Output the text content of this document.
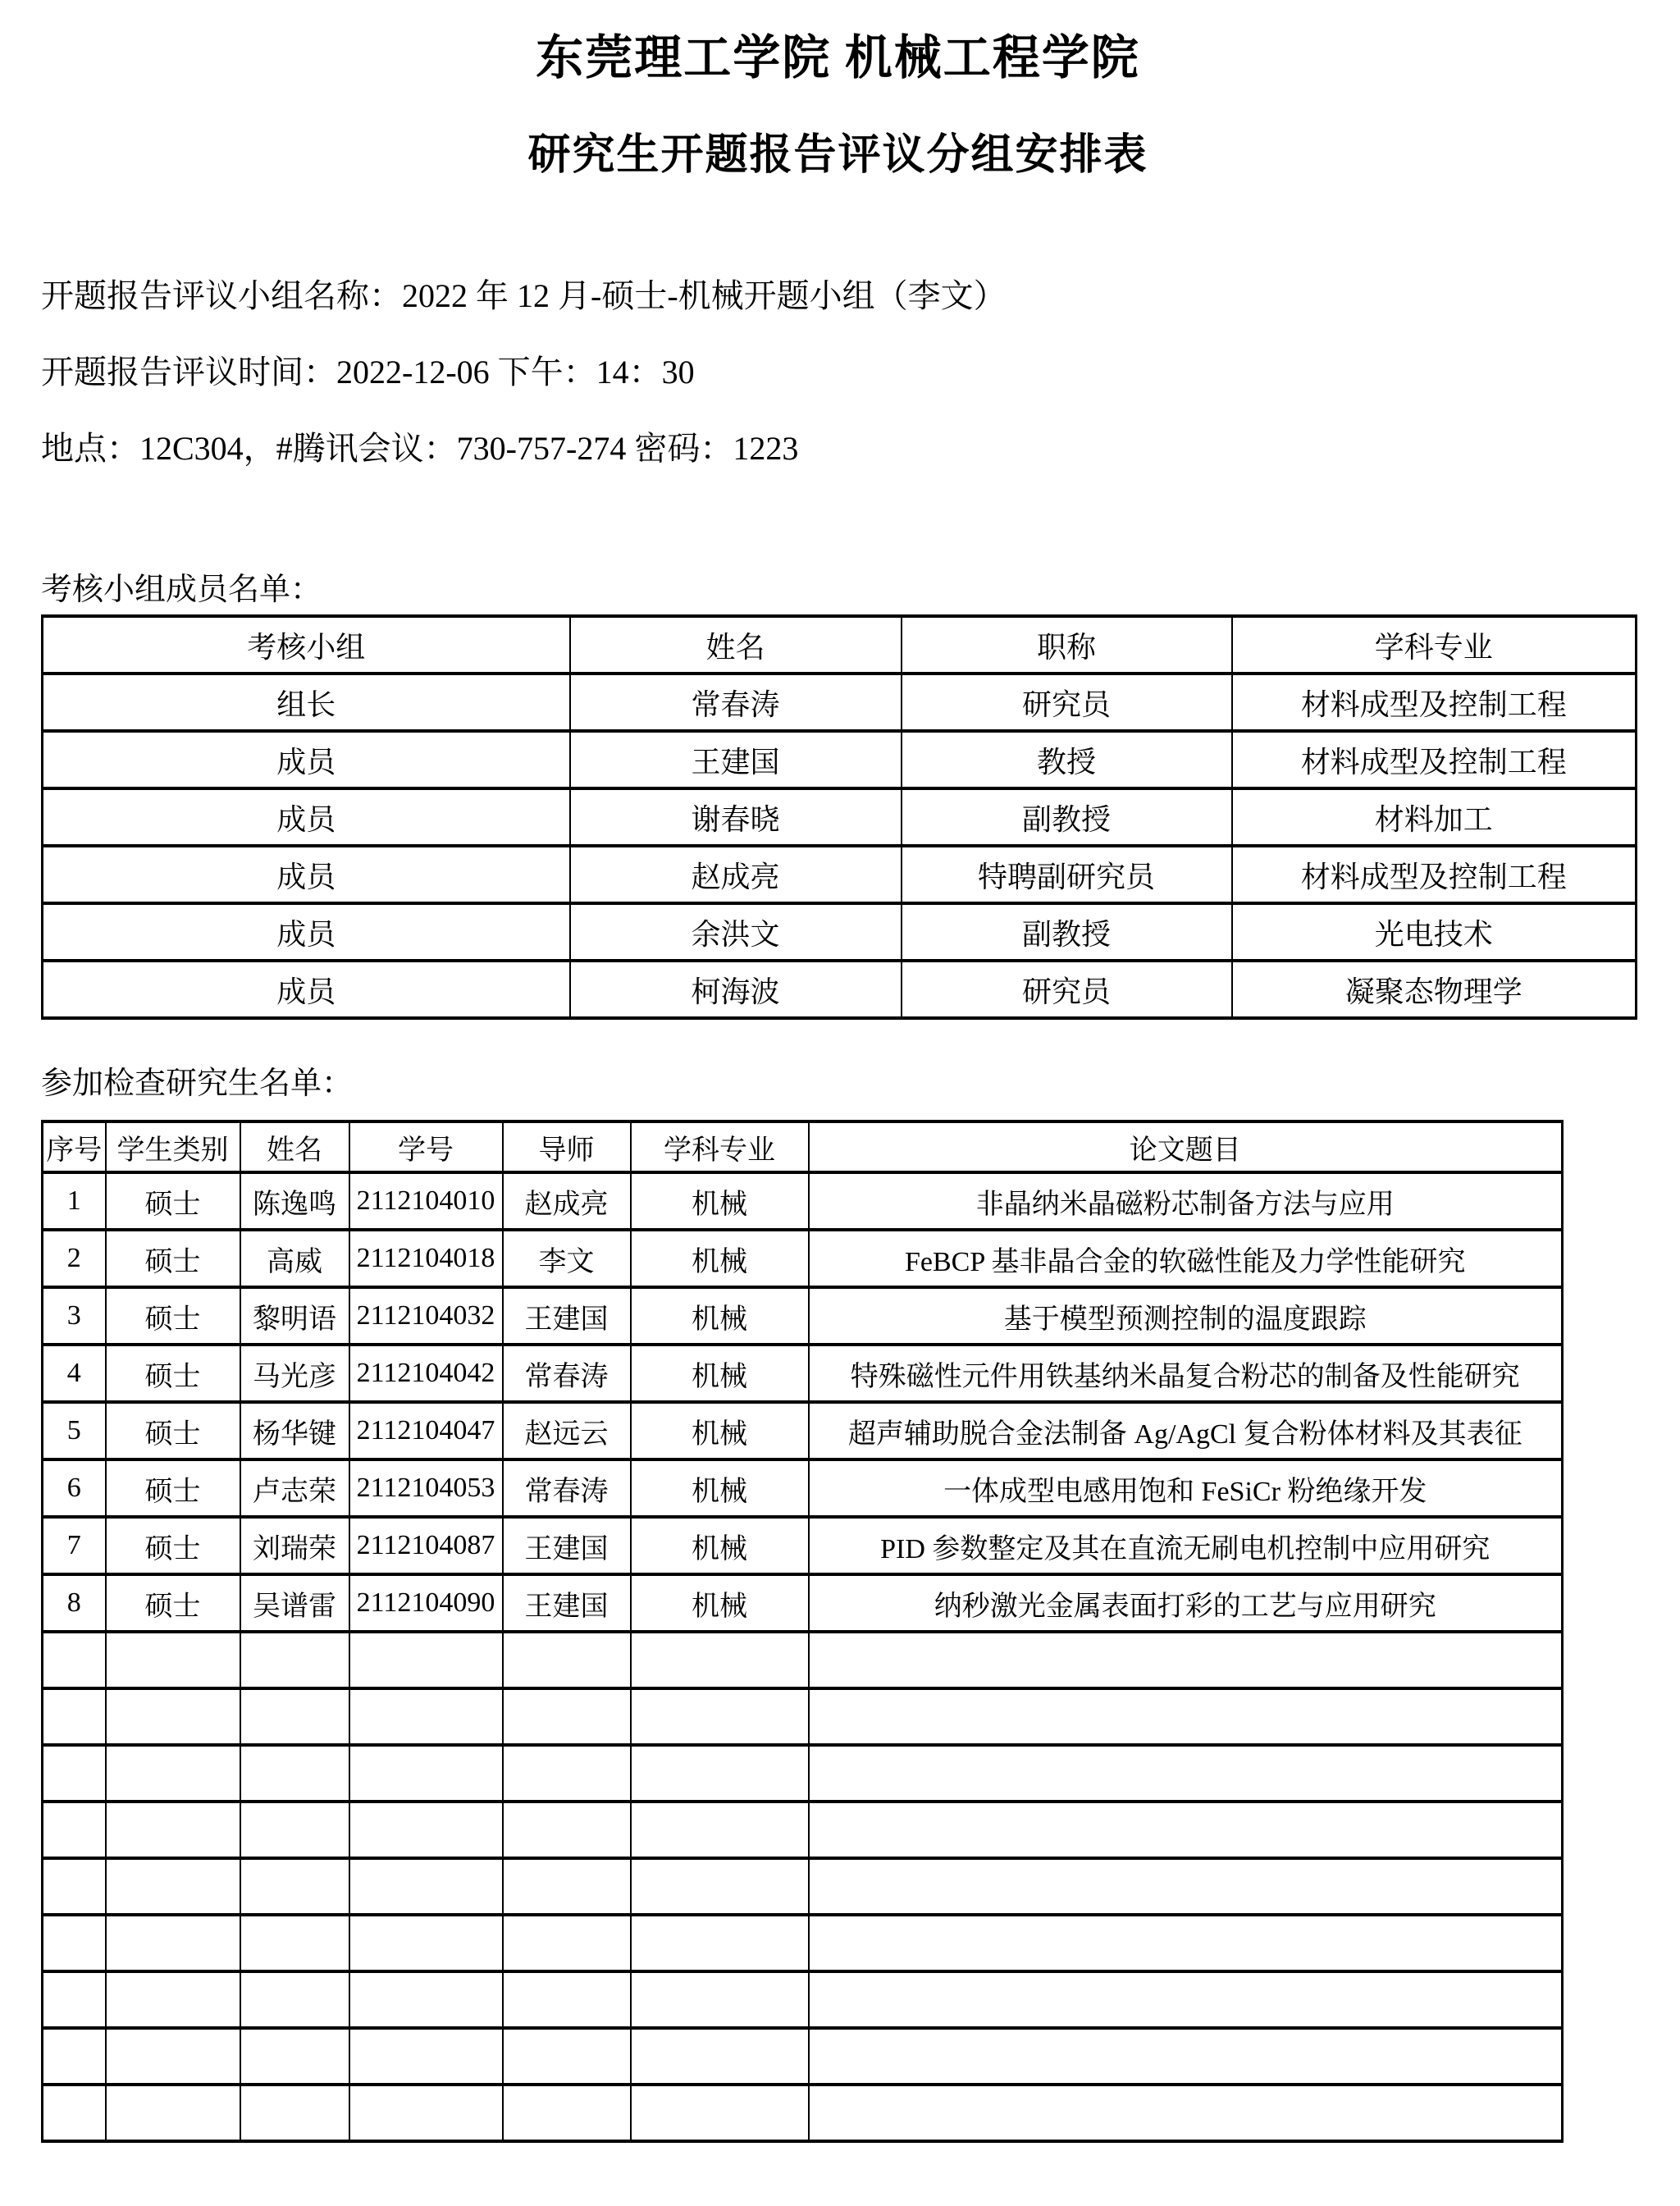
东莞理工学院 机械工程学院
研究生开题报告评议分组安排表

开题报告评议小组名称：2022 年 12 月-硕士-机械开题小组（李文）

开题报告评议时间：2022-12-06 下午：14：30

地点：12C304，#腾讯会议：730-757-274 密码：1223

考核小组成员名单：

考核小组	姓名	职称	学科专业
组长	常春涛	研究员	材料成型及控制工程
成员	王建国	教授	材料成型及控制工程
成员	谢春晓	副教授	材料加工
成员	赵成亮	特聘副研究员	材料成型及控制工程
成员	余洪文	副教授	光电技术
成员	柯海波	研究员	凝聚态物理学

参加检查研究生名单：

序号	学生类别	姓名	学号	导师	学科专业	论文题目
1	硕士	陈逸鸣	2112104010	赵成亮	机械	非晶纳米晶磁粉芯制备方法与应用
2	硕士	高威	2112104018	李文	机械	FeBCP 基非晶合金的软磁性能及力学性能研究
3	硕士	黎明语	2112104032	王建国	机械	基于模型预测控制的温度跟踪
4	硕士	马光彦	2112104042	常春涛	机械	特殊磁性元件用铁基纳米晶复合粉芯的制备及性能研究
5	硕士	杨华键	2112104047	赵远云	机械	超声辅助脱合金法制备 Ag/AgCl 复合粉体材料及其表征
6	硕士	卢志荣	2112104053	常春涛	机械	一体成型电感用饱和 FeSiCr 粉绝缘开发
7	硕士	刘瑞荣	2112104087	王建国	机械	PID 参数整定及其在直流无刷电机控制中应用研究
8	硕士	吴谱雷	2112104090	王建国	机械	纳秒激光金属表面打彩的工艺与应用研究
